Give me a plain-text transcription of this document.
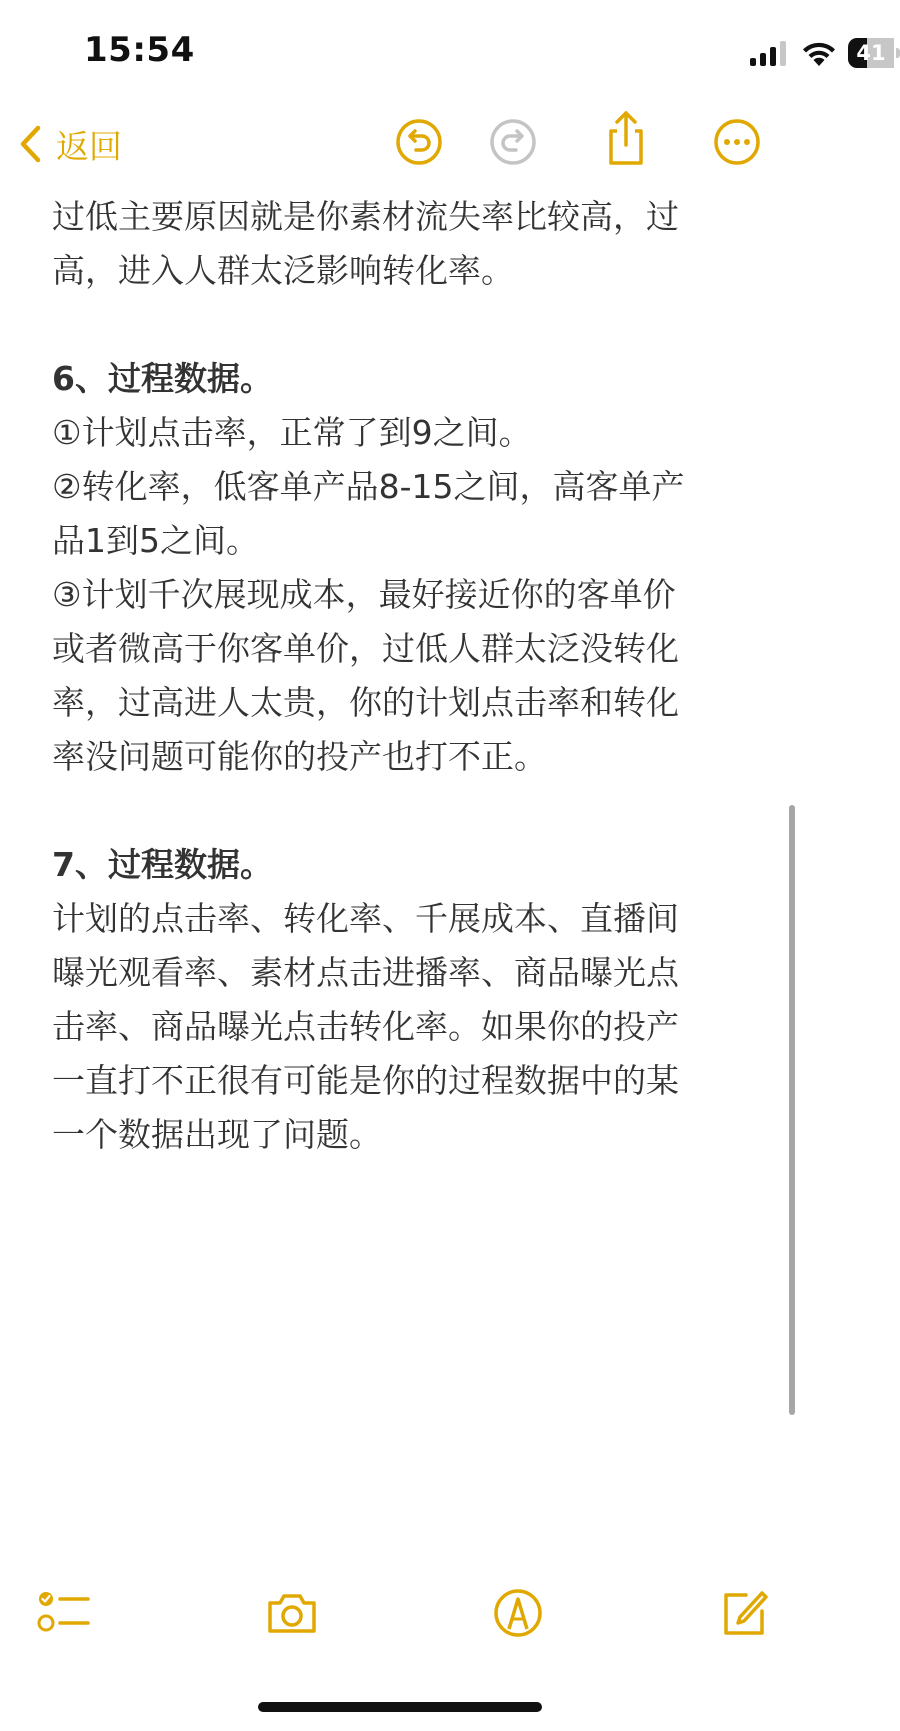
15:54	41
返回

过低主要原因就是你素材流失率比较高，过

高，进入人群太泛影响转化率。

6、过程数据。

①计划点击率，正常了到9之间。

②转化率，低客单产品8-15之间，高客单产

品1到5之间。

③计划千次展现成本，最好接近你的客单价

或者微高于你客单价，过低人群太泛没转化

率，过高进人太贵，你的计划点击率和转化

率没问题可能你的投产也打不正。

7、过程数据。

计划的点击率、转化率、千展成本、直播间

曝光观看率、素材点击进播率、商品曝光点

击率、商品曝光点击转化率。如果你的投产

一直打不正很有可能是你的过程数据中的某

一个数据出现了问题。
